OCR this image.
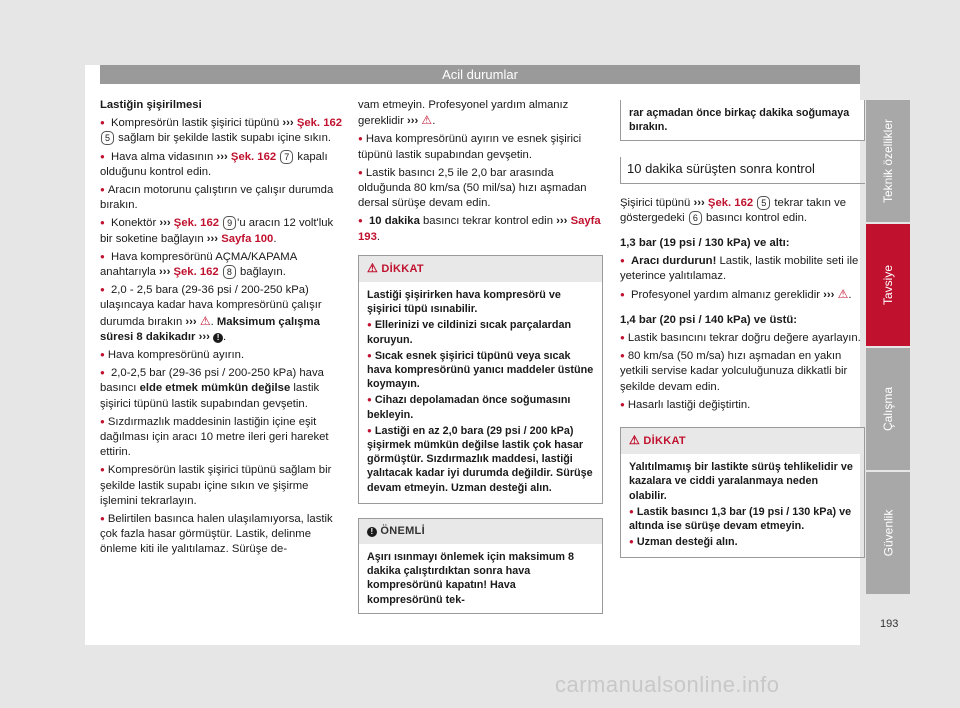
Acil durumlar

Lastiğin şişirilmesi

● Kompresörün lastik şişirici tüpünü ››› Şek. 162 5 sağlam bir şekilde lastik supabı içine sıkın.

● Hava alma vidasının ››› Şek. 162 7 kapalı olduğunu kontrol edin.

● Aracın motorunu çalıştırın ve çalışır durumda bırakın.

● Konektör ››› Şek. 162 9 'u aracın 12 volt'luk bir soketine bağlayın ››› Sayfa 100.

● Hava kompresörünü AÇMA/KAPAMA anahtarıyla ››› Şek. 162 8 bağlayın.

● 2,0 - 2,5 bara (29-36 psi / 200-250 kPa) ulaşıncaya kadar hava kompresörünü çalışır durumda bırakın ››› ⚠. Maksimum çalışma süresi 8 dakikadır ››› ! .

● Hava kompresörünü ayırın.

● 2,0-2,5 bar (29-36 psi / 200-250 kPa) hava basıncı elde etmek mümkün değilse lastik şişirici tüpünü lastik supabından gevşetin.

● Sızdırmazlık maddesinin lastiğin içine eşit dağılması için aracı 10 metre ileri geri hareket ettirin.

● Kompresörün lastik şişirici tüpünü sağlam bir şekilde lastik supabı içine sıkın ve şişirme işlemini tekrarlayın.

● Belirtilen basınca halen ulaşılamıyorsa, lastik çok fazla hasar görmüştür. Lastik, delinme önleme kiti ile yalıtılamaz. Sürüşe de-

vam etmeyin. Profesyonel yardım almanız gereklidir ››› ⚠.

● Hava kompresörünü ayırın ve esnek şişirici tüpünü lastik supabından gevşetin.

● Lastik basıncı 2,5 ile 2,0 bar arasında olduğunda 80 km/sa (50 mil/sa) hızı aşmadan dersal sürüşe devam edin.

● 10 dakika basıncı tekrar kontrol edin ››› Sayfa 193.

⚠ DİKKAT

Lastiği şişirirken hava kompresörü ve şişirici tüpü ısınabilir.

● Ellerinizi ve cildinizi sıcak parçalardan koruyun.

● Sıcak esnek şişirici tüpünü veya sıcak hava kompresörünü yanıcı maddeler üstüne koymayın.

● Cihazı depolamadan önce soğumasını bekleyin.

● Lastiği en az 2,0 bara (29 psi / 200 kPa) şişirmek mümkün değilse lastik çok hasar görmüştür. Sızdırmazlık maddesi, lastiği yalıtacak kadar iyi durumda değildir. Sürüşe devam etmeyin. Uzman desteği alın.

! ÖNEMLİ
Aşırı ısınmayı önlemek için maksimum 8 dakika çalıştırdıktan sonra hava kompresörünü kapatın! Hava kompresörünü tek-
rar açmadan önce birkaç dakika soğumaya bırakın.
10 dakika sürüşten sonra kontrol

Şişirici tüpünü ››› Şek. 162 5 tekrar takın ve göstergedeki 6 basıncı kontrol edin.

1,3 bar (19 psi / 130 kPa) ve altı:

● Aracı durdurun! Lastik, lastik mobilite seti ile yeterince yalıtılamaz.

● Profesyonel yardım almanız gereklidir ››› ⚠.

1,4 bar (20 psi / 140 kPa) ve üstü:

● Lastik basıncını tekrar doğru değere ayarlayın.

● 80 km/sa (50 m/sa) hızı aşmadan en yakın yetkili servise kadar yolculuğunuza dikkatli bir şekilde devam edin.

● Hasarlı lastiği değiştirtin.

⚠ DİKKAT

Yalıtılmamış bir lastikte sürüş tehlikelidir ve kazalara ve ciddi yaralanmaya neden olabilir.

● Lastik basıncı 1,3 bar (19 psi / 130 kPa) ve altında ise sürüşe devam etmeyin.

● Uzman desteği alın.

Teknik özellikler
Tavsiye
Çalışma
Güvenlik
193
carmanualsonline.info
